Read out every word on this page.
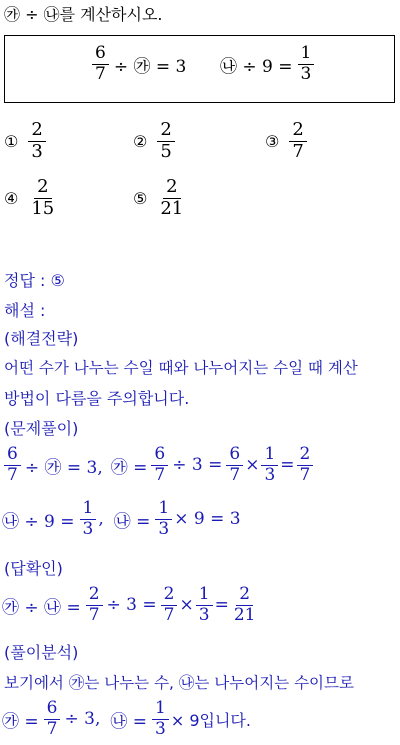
㉮ ÷ ㉯를 계산하시오.
$\frac{6}{7}$ ÷ ㉮ = 3 ㉯ ÷ $9 = \frac{1}{3}$
① $\frac{2}{3}$	② $\frac{2}{5}$	③ $\frac{2}{7}$
④ $\frac{2}{15}$	⑤ $\frac{2}{21}$
정답 : ⑤
해설 :
(해결전략)
어떤 수가 나누는 수일 때와 나누어지는 수일 때 계산
방법이 다름을 주의합니다.
(문제풀이)
$\frac{6}{7}$ ÷ ㉮ = 3, ㉮ = $\frac{6}{7} \div 3 = \frac{6}{7} \times \frac{1}{3} = \frac{2}{7}$
㉯ ÷ $9 = \frac{1}{3}$ , ㉯ = $\frac{1}{3} \times 9 = 3$
(답확인)
㉮ ÷ ㉯ = $\frac{2}{7} \div 3 = \frac{2}{7} \times \frac{1}{3} = \frac{2}{21}$
(풀이분석)
보기에서 ㉮는 나누는 수, ㉯는 나누어지는 수이므로
㉮ = $\frac{6}{7} \div 3$, ㉯ = $\frac{1}{3} \times 9$입니다.
